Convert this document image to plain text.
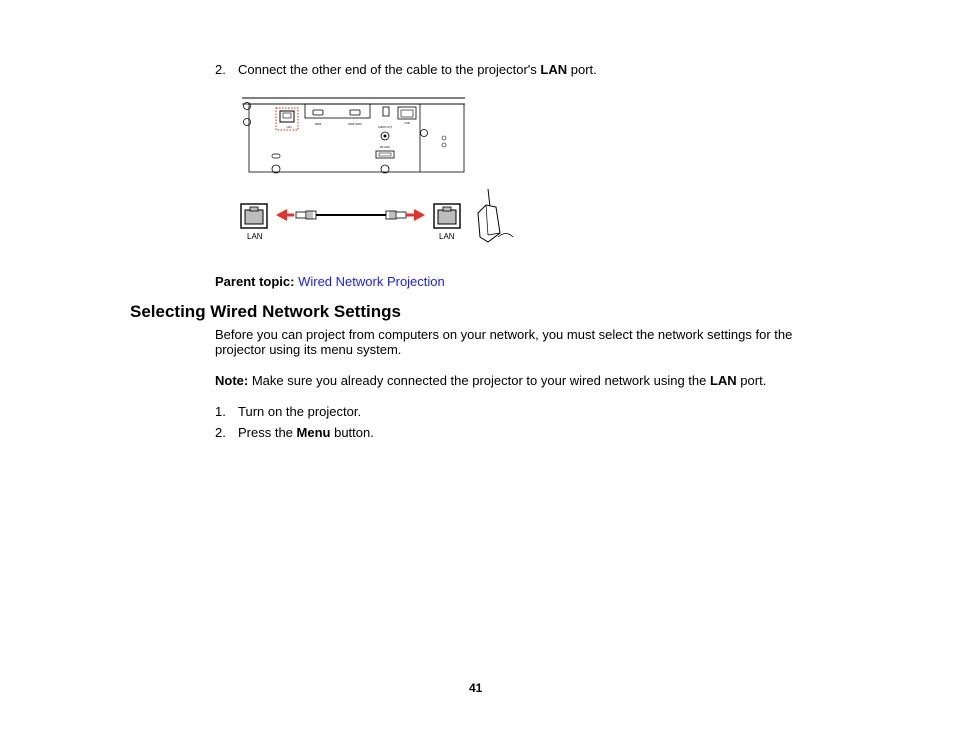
2. Connect the other end of the cable to the projector's LAN port.
LAN
HDMI	HDMI (ARC)
AUDIO OUT
RS-232C
USB
LAN	LAN
Parent topic: Wired Network Projection
Selecting Wired Network Settings
Before you can project from computers on your network, you must select the network settings for the
projector using its menu system.
Note: Make sure you already connected the projector to your wired network using the LAN port.
1. Turn on the projector.
2. Press the Menu button.
41
